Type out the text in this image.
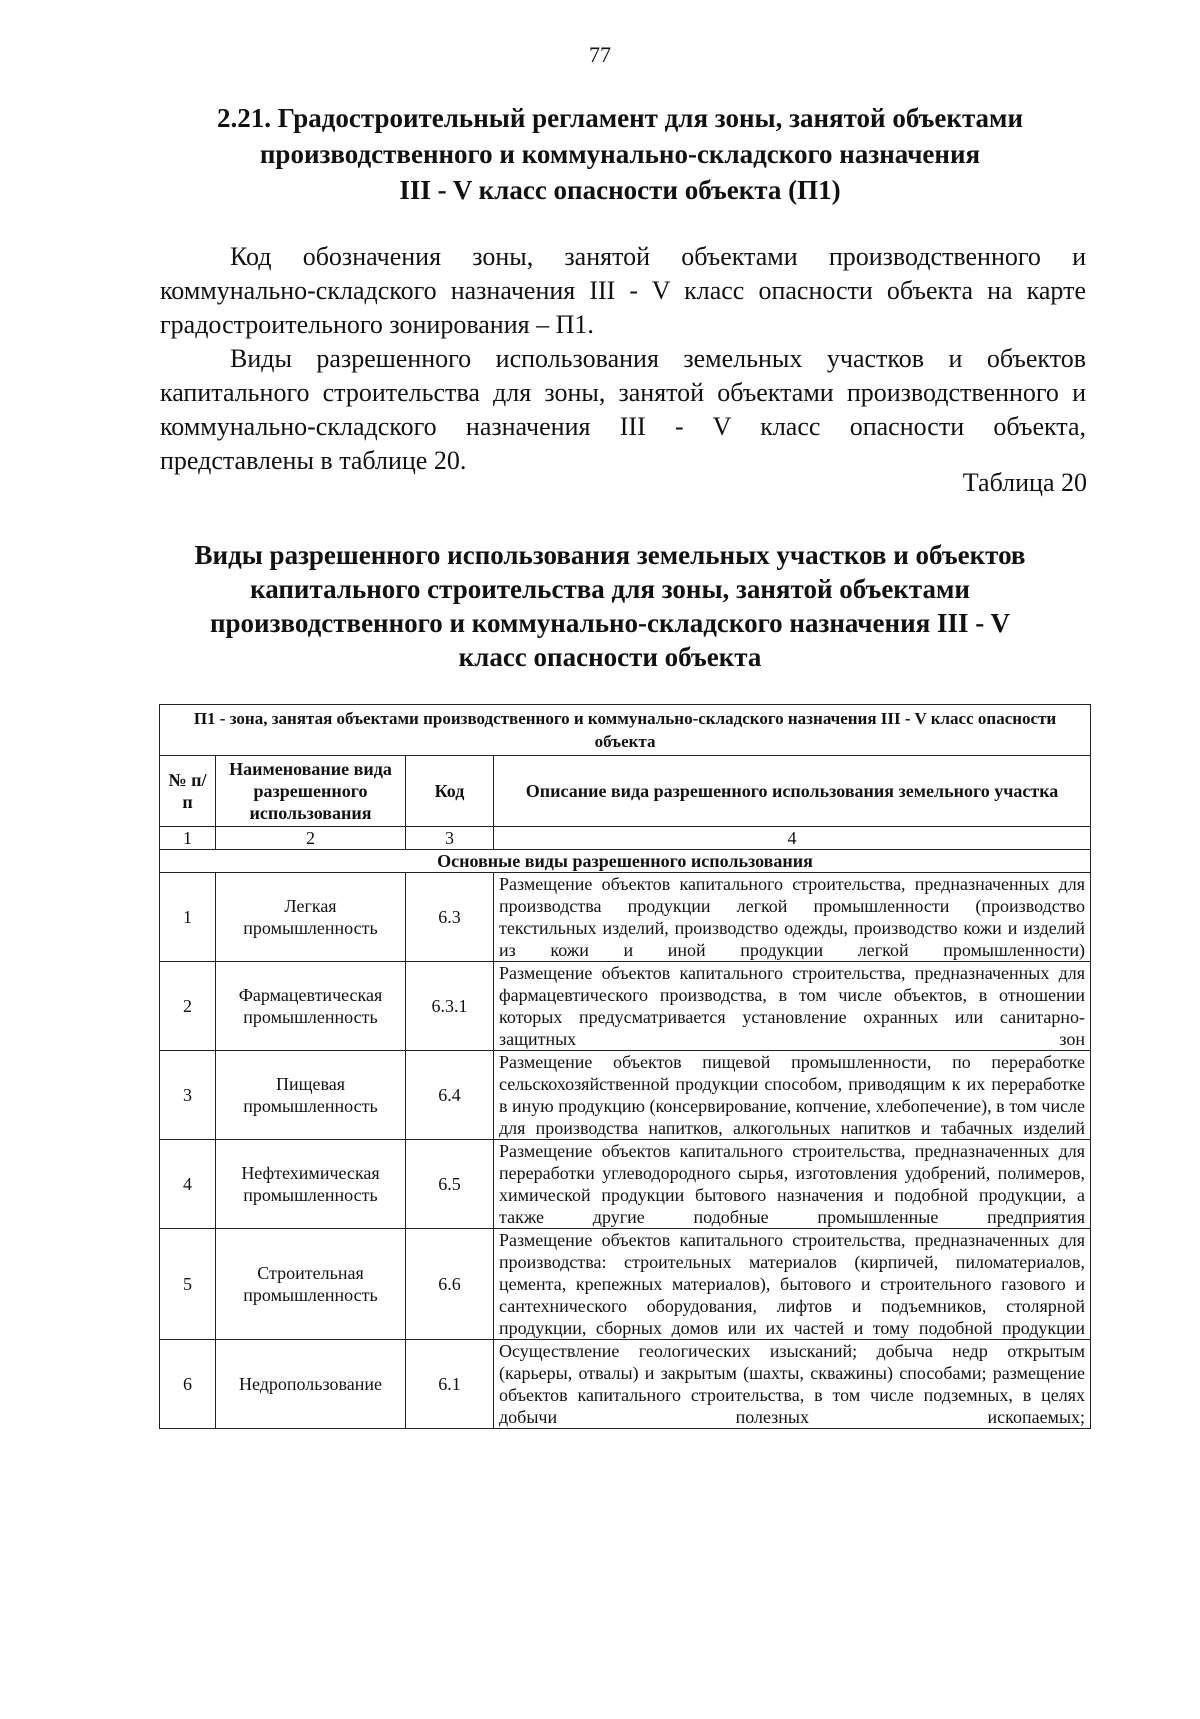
77
2.21. Градостроительный регламент для зоны, занятой объектами
производственного и коммунально-складского назначения
III - V класс опасности объекта (П1)
Код обозначения зоны, занятой объектами производственного и коммунально-складского назначения III - V класс опасности объекта на карте градостроительного зонирования – П1.
Виды разрешенного использования земельных участков и объектов капитального строительства для зоны, занятой объектами производственного и коммунально-складского назначения III - V класс опасности объекта, представлены в таблице 20.
Таблица 20
Виды разрешенного использования земельных участков и объектов
капитального строительства для зоны, занятой объектами
производственного и коммунально-складского назначения III - V
класс опасности объекта
П1 - зона, занятая объектами производственного и коммунально-складского назначения III - V класс опасности объекта			
№ п/п	Наименование вида разрешенного использования	Код	Описание вида разрешенного использования земельного участка
1	2	3	4
Основные виды разрешенного использования			
1	Легкая промышленность	6.3	Размещение объектов капитального строительства, предназначенных для производства продукции легкой промышленности (производство текстильных изделий, производство одежды, производство кожи и изделий из кожи и иной продукции легкой промышленности)
2	Фармацевтическая промышленность	6.3.1	Размещение объектов капитального строительства, предназначенных для фармацевтического производства, в том числе объектов, в отношении которых предусматривается установление охранных или санитарно-защитных зон
3	Пищевая промышленность	6.4	Размещение объектов пищевой промышленности, по переработке сельскохозяйственной продукции способом, приводящим к их переработке в иную продукцию (консервирование, копчение, хлебопечение), в том числе для производства напитков, алкогольных напитков и табачных изделий
4	Нефтехимическая промышленность	6.5	Размещение объектов капитального строительства, предназначенных для переработки углеводородного сырья, изготовления удобрений, полимеров, химической продукции бытового назначения и подобной продукции, а также другие подобные промышленные предприятия
5	Строительная промышленность	6.6	Размещение объектов капитального строительства, предназначенных для производства: строительных материалов (кирпичей, пиломатериалов, цемента, крепежных материалов), бытового и строительного газового и сантехнического оборудования, лифтов и подъемников, столярной продукции, сборных домов или их частей и тому подобной продукции
6	Недропользование	6.1	Осуществление геологических изысканий; добыча недр открытым (карьеры, отвалы) и закрытым (шахты, скважины) способами; размещение объектов капитального строительства, в том числе подземных, в целях добычи полезных ископаемых;
